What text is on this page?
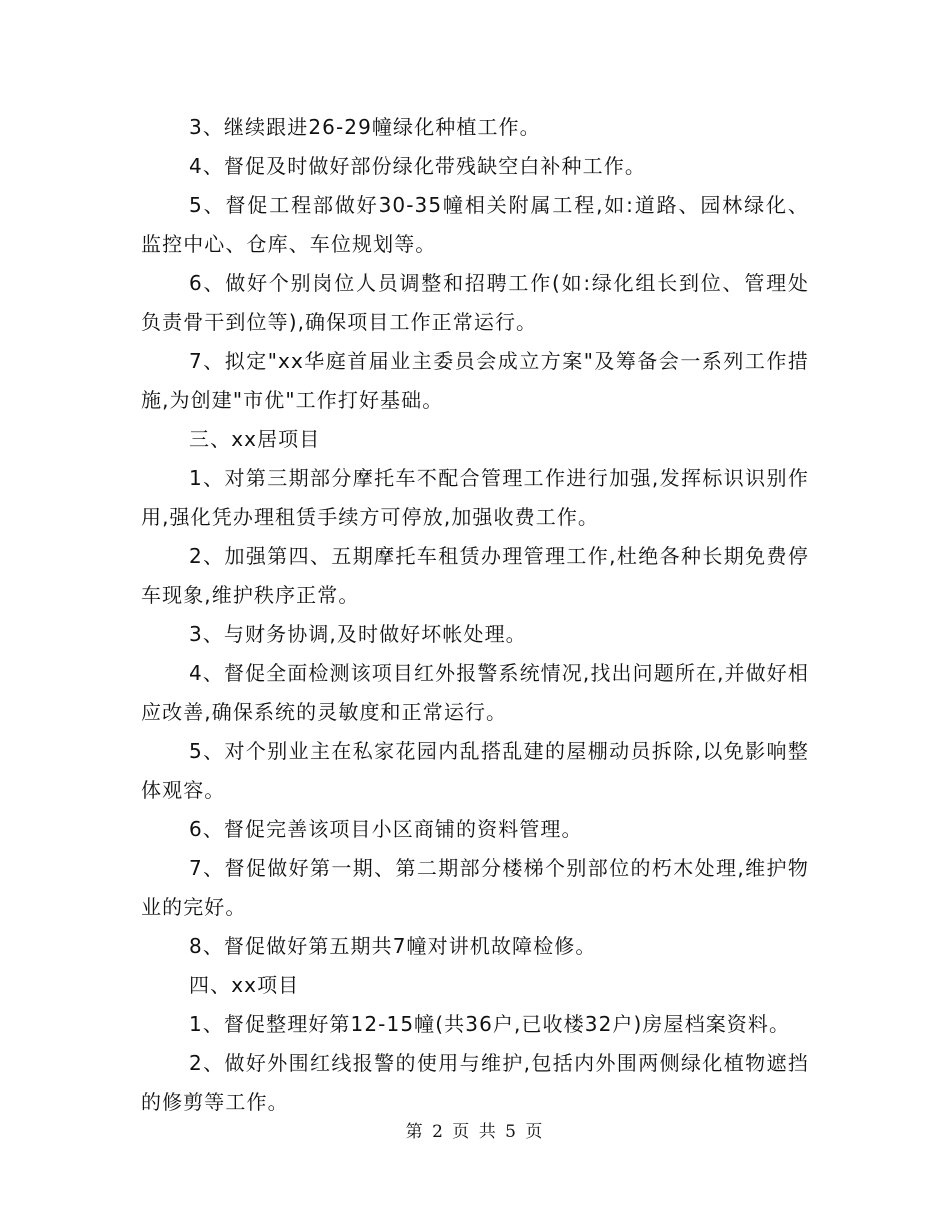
3、继续跟进26-29幢绿化种植工作。

4、督促及时做好部份绿化带残缺空白补种工作。

5、督促工程部做好30-35幢相关附属工程,如:道路、园林绿化、监控中心、仓库、车位规划等。

6、做好个别岗位人员调整和招聘工作(如:绿化组长到位、管理处负责骨干到位等),确保项目工作正常运行。

7、拟定"xx华庭首届业主委员会成立方案"及筹备会一系列工作措施,为创建"市优"工作打好基础。

三、xx居项目

1、对第三期部分摩托车不配合管理工作进行加强,发挥标识识别作用,强化凭办理租赁手续方可停放,加强收费工作。

2、加强第四、五期摩托车租赁办理管理工作,杜绝各种长期免费停车现象,维护秩序正常。

3、与财务协调,及时做好坏帐处理。

4、督促全面检测该项目红外报警系统情况,找出问题所在,并做好相应改善,确保系统的灵敏度和正常运行。

5、对个别业主在私家花园内乱搭乱建的屋棚动员拆除,以免影响整体观容。

6、督促完善该项目小区商铺的资料管理。

7、督促做好第一期、第二期部分楼梯个别部位的朽木处理,维护物业的完好。

8、督促做好第五期共7幢对讲机故障检修。

四、xx项目

1、督促整理好第12-15幢(共36户,已收楼32户)房屋档案资料。

2、做好外围红线报警的使用与维护,包括内外围两侧绿化植物遮挡的修剪等工作。

第 2 页 共 5 页
